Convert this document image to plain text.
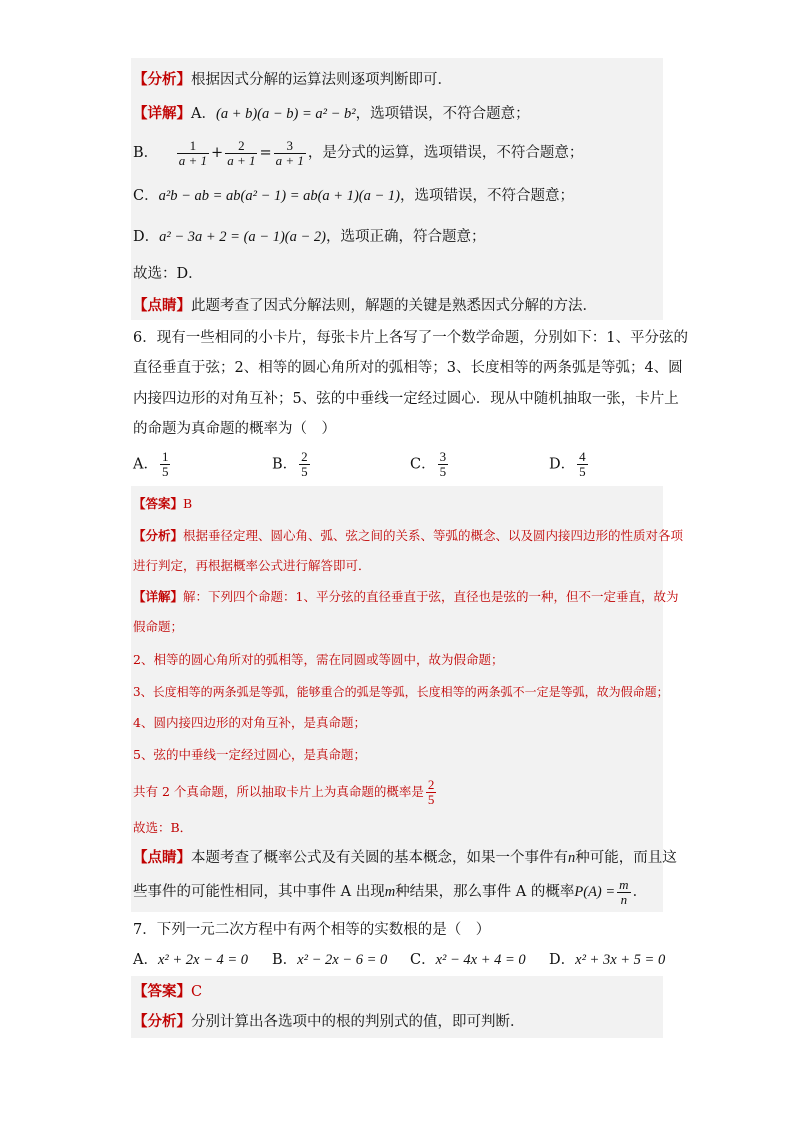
【分析】根据因式分解的运算法则逐项判断即可．
【详解】A．(a + b)(a − b) = a² − b²，选项错误，不符合题意；
B． $\frac{1}{a + 1} + \frac{2}{a + 1} = \frac{3}{a + 1}$ ，是分式的运算，选项错误，不符合题意；
C．a²b − ab = ab(a² − 1) = ab(a + 1)(a − 1)，选项错误，不符合题意；
D．a² − 3a + 2 = (a − 1)(a − 2)，选项正确，符合题意；
故选：D．
【点睛】此题考查了因式分解法则，解题的关键是熟悉因式分解的方法．
6．现有一些相同的小卡片，每张卡片上各写了一个数学命题，分别如下：1、平分弦的
直径垂直于弦；2、相等的圆心角所对的弧相等；3、长度相等的两条弧是等弧；4、圆
内接四边形的对角互补；5、弦的中垂线一定经过圆心．现从中随机抽取一张，卡片上
的命题为真命题的概率为（　）
A． $\frac{1}{5}$	B． $\frac{2}{5}$	C． $\frac{3}{5}$	D． $\frac{4}{5}$
【答案】B
【分析】根据垂径定理、圆心角、弧、弦之间的关系、等弧的概念、以及圆内接四边形的性质对各项
进行判定，再根据概率公式进行解答即可．
【详解】解：下列四个命题：1、平分弦的直径垂直于弦，直径也是弦的一种，但不一定垂直，故为
假命题；
2、相等的圆心角所对的弧相等，需在同圆或等圆中，故为假命题；
3、长度相等的两条弧是等弧，能够重合的弧是等弧，长度相等的两条弧不一定是等弧，故为假命题；
4、圆内接四边形的对角互补，是真命题；
5、弦的中垂线一定经过圆心，是真命题；
共有 2 个真命题，所以抽取卡片上为真命题的概率是 $\frac{2}{5}$
故选：B．
【点睛】本题考查了概率公式及有关圆的基本概念，如果一个事件有n种可能，而且这
些事件的可能性相同，其中事件 A 出现m种结果，那么事件 A 的概率$P(A) = \frac{m}{n}$ ．
7．下列一元二次方程中有两个相等的实数根的是（　）
A．x² + 2x − 4 = 0 B．x² − 2x − 6 = 0 C．x² − 4x + 4 = 0 D．x² + 3x + 5 = 0
【答案】C
【分析】分别计算出各选项中的根的判别式的值，即可判断．
